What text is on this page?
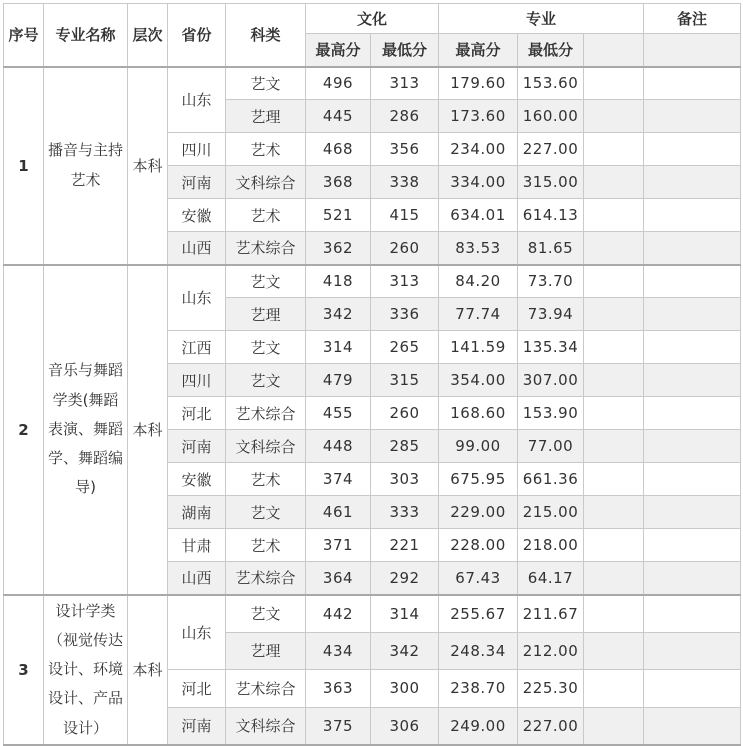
序号	专业名称	层次	省份	科类	文化		专业			备注
					最高分	最低分	最高分	最低分		
1	播音与主持艺术	本科	山东	艺文	496	313	179.60	153.60		
				艺理	445	286	173.60	160.00		
			四川	艺术	468	356	234.00	227.00		
			河南	文科综合	368	338	334.00	315.00		
			安徽	艺术	521	415	634.01	614.13		
			山西	艺术综合	362	260	83.53	81.65		
2	音乐与舞蹈学类(舞蹈表演、舞蹈学、舞蹈编导)	本科	山东	艺文	418	313	84.20	73.70		
				艺理	342	336	77.74	73.94		
			江西	艺文	314	265	141.59	135.34		
			四川	艺文	479	315	354.00	307.00		
			河北	艺术综合	455	260	168.60	153.90		
			河南	文科综合	448	285	99.00	77.00		
			安徽	艺术	374	303	675.95	661.36		
			湖南	艺文	461	333	229.00	215.00		
			甘肃	艺术	371	221	228.00	218.00		
			山西	艺术综合	364	292	67.43	64.17		
3	设计学类（视觉传达设计、环境设计、产品设计）	本科	山东	艺文	442	314	255.67	211.67		
				艺理	434	342	248.34	212.00		
			河北	艺术综合	363	300	238.70	225.30		
			河南	文科综合	375	306	249.00	227.00		
